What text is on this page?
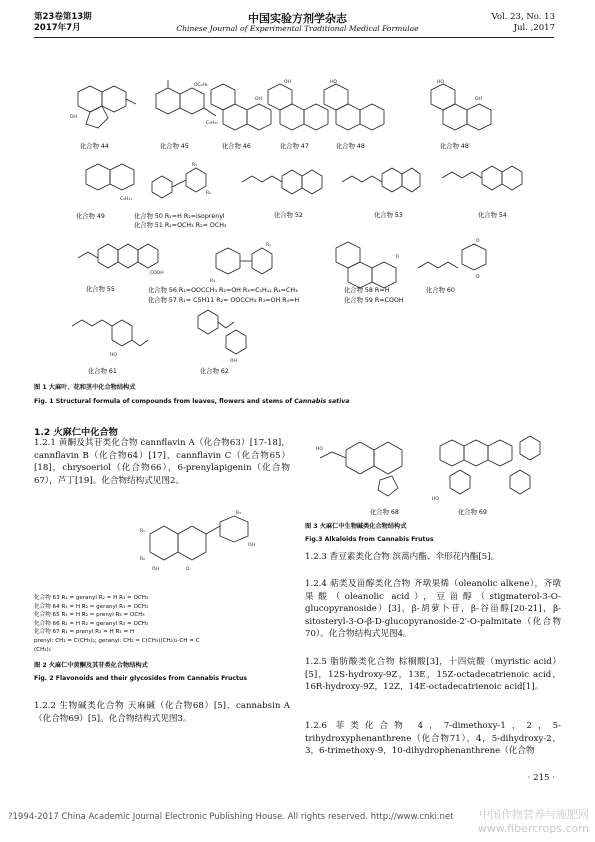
第23卷第13期
2017年7月
中国实验方剂学杂志
Chinese Journal of Experimental Traditional Medical Formulae
Vol. 23, No. 13
Jul. ,2017
OH
OC₂H₅
C₅H₁₁
OH
OH	HO	HO
OH
化合物 44	化合物 45	化合物 46	化合物 47	化合物 48	化合物 48′
C₅H₁₁
R₁
R₂
化合物 49	化合物 50 R₁=H R₂=isoprenyl
化合物 51 R₁=OCH₃ R₂= OCH₃
化合物 52	化合物 53	化合物 54
COOH
R₄
R₁
R
O
O
化合物 55	化合物 56 R₁=OOCCH₃ R₂=OH R₃=C₅H₁₁ R₄=CH₃
化合物 57 R₁= C5H11 R₂= OOCCH₃ R₃=OH R₄=H
化合物 58 R=H
化合物 59 R=COOH
化合物 60
HO
OH
化合物 61	化合物 62
图 1 大麻叶、花和茎中化合物结构式
Fig. 1 Structural formula of compounds from leaves, flowers and stems of Cannabis sativa
1.2 火麻仁中化合物
1.2.1 黄酮及其苷类化合物 cannflavin A（化合物63）[17-18]，cannflavin B（化合物64）[17]，cannflavin C（化合物65）[18]，chrysoeriol（化合物66），6-prenylapigenin（化合物67），芦丁[19]。化合物结构式见图2。
OH
R₃
R₁
R₂
O
OH
化合物 63 R₁ = geranyl R₂ = H R₃ = OCH₃
化合物 64 R₁ = H R₂ = geranyl R₃ = OCH₃
化合物 65 R₁ = H R₂ = prenyl R₃ = OCH₃
化合物 66 R₁ = H R₂ = geranyl R₃ = OCH₃
化合物 67 R₁ = prenyl R₂ = H R₃ = H
prenyl: CH₂ = C(CH₃)₂; geranyl: CH₂ = C(CH₃)(CH₂)₂-CH = C
(CH₃)₂
图 2 火麻仁中黄酮及其苷类化合物结构式
Fig. 2 Flavonoids and their glycosides from Cannabis Fructus
1.2.2 生物碱类化合物 天麻碱（化合物68）[5]，cannabsin A（化合物69）[5]。化合物结构式见图3。
HO
HO
化合物 68	化合物 69
图 3 火麻仁中生物碱类化合物结构式
Fig.3 Alkaloids from Cannabis Frutus
1.2.3 香豆素类化合物 滨蒿内酯、伞形花内酯[5]。
1.2.4 萜类及甾醇类化合物 齐墩果烯（oleanolic alkene），齐墩果酸（oleanolic acid），豆甾醇（stigmaterol-3-O-glucopyranoside）[3]，β-胡萝卜苷，β-谷甾醇[20-21]，β-sitosteryl-3-O-β-D-glucopyranoside-2′-O-palmitate（化合物70）。化合物结构式见图4。
1.2.5 脂肪酸类化合物 棕榈酸[3]，十四烷酸（myristic acid）[5]，12S-hydroxy-9Z，13E，15Z-octadecatrienoic acid，16R-hydroxy-9Z，12Z，14E-octadecatrienoic acid[1]。
1.2.6 菲类化合物 4，7-dimethoxy-1，2，5-trihydroxyphenanthrene（化合物71），4，5-dihydroxy-2，3，6-trimethoxy-9，10-dihydrophenanthrene（化合物
· 215 ·
?1994-2017 China Academic Journal Electronic Publishing House. All rights reserved. http://www.cnki.net 中国作物营养与施肥网
www.fibercrops.com
